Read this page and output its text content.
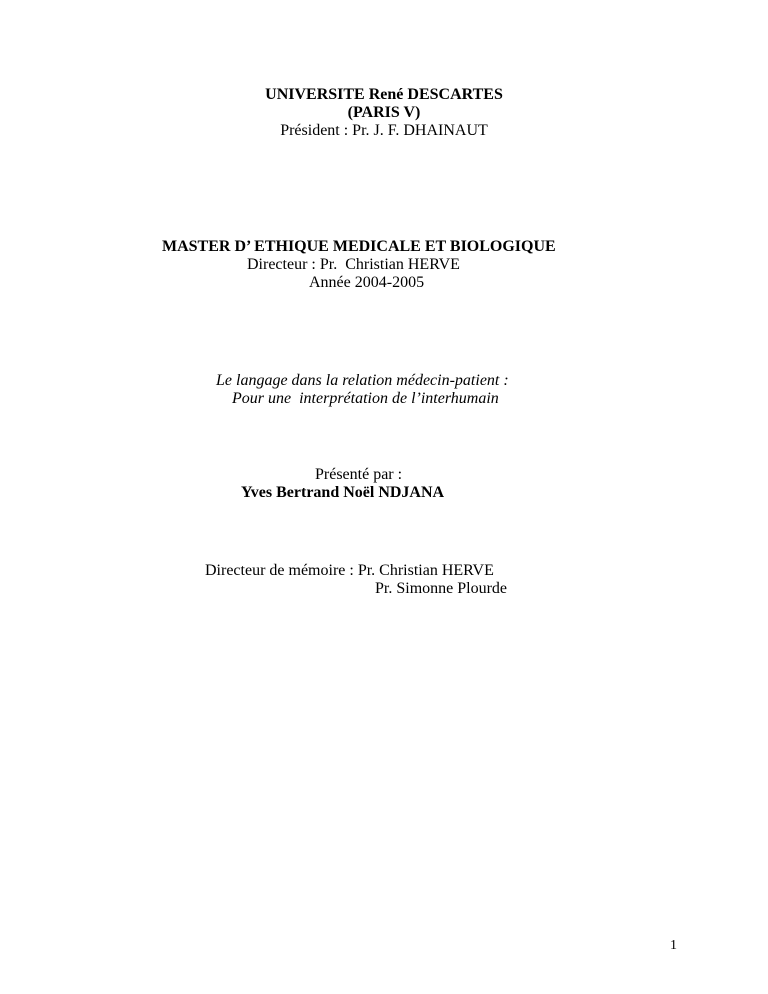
UNIVERSITE René DESCARTES
(PARIS V)
Président : Pr. J. F. DHAINAUT
MASTER D’ ETHIQUE MEDICALE ET BIOLOGIQUE
Directeur : Pr.  Christian HERVE
Année 2004-2005
Le langage dans la relation médecin-patient :
Pour une  interprétation de l’interhumain
Présenté par :
Yves Bertrand Noël NDJANA
Directeur de mémoire : Pr. Christian HERVE
Pr. Simonne Plourde
1
